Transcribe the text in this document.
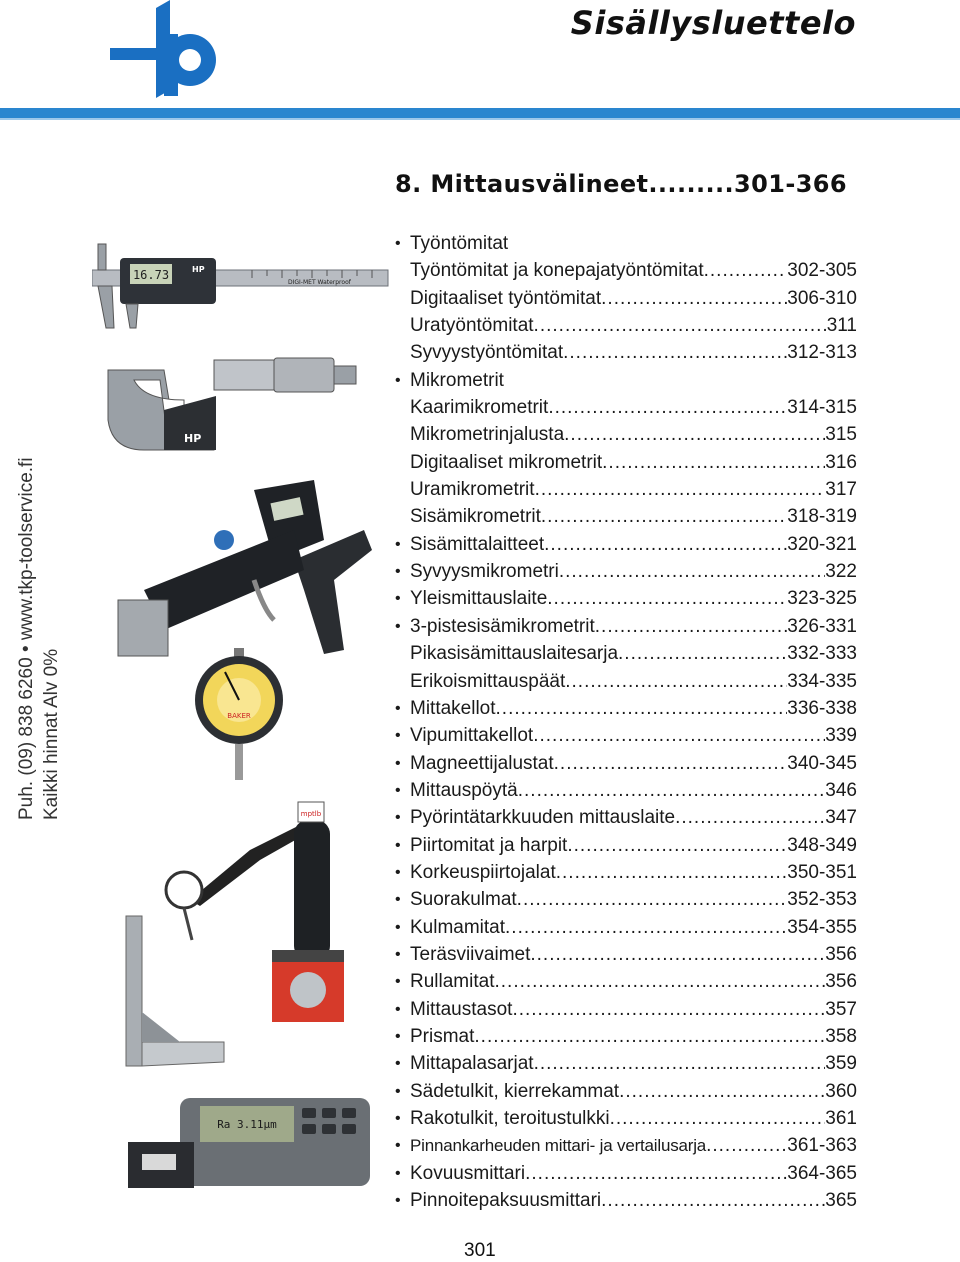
Sisällysluettelo
8. Mittausvälineet.........301-366
Puh. (09) 838 6260 • www.tkp-toolservice.fi Kaikki hinnat Alv 0%
16.73	HP
DIGI-MET Waterproof
HP
BAKER
mptlb
Ra 3.11µm
• Työntömitat
Työntömitat ja konepajatyöntömitat .....	302-305
Digitaaliset työntömitat .....	306-310
Uratyöntömitat .....	311
Syvyystyöntömitat .....	312-313
• Mikrometrit
Kaarimikrometrit .....	314-315
Mikrometrinjalusta .....	315
Digitaaliset mikrometrit .....	316
Uramikrometrit .....	317
Sisämikrometrit .....	318-319
• Sisämittalaitteet .....	320-321
• Syvyysmikrometri .....	322
• Yleismittauslaite .....	323-325
• 3-pistesisämikrometrit .....	326-331
Pikasisämittauslaitesarja .....	332-333
Erikoismittauspäät .....	334-335
• Mittakellot .....	336-338
• Vipumittakellot .....	339
• Magneettijalustat .....	340-345
• Mittauspöytä .....	346
• Pyörintätarkkuuden mittauslaite .....	347
• Piirtomitat ja harpit .....	348-349
• Korkeuspiirtojalat .....	350-351
• Suorakulmat .....	352-353
• Kulmamitat .....	354-355
• Teräsviivaimet .....	356
• Rullamitat .....	356
• Mittaustasot .....	357
• Prismat .....	358
• Mittapalasarjat .....	359
• Sädetulkit, kierrekammat .....	360
• Rakotulkit, teroitustulkki .....	361
• Pinnankarheuden mittari- ja vertailusarja .....	361-363
• Kovuusmittari .....	364-365
• Pinnoitepaksuusmittari .....	365
301
